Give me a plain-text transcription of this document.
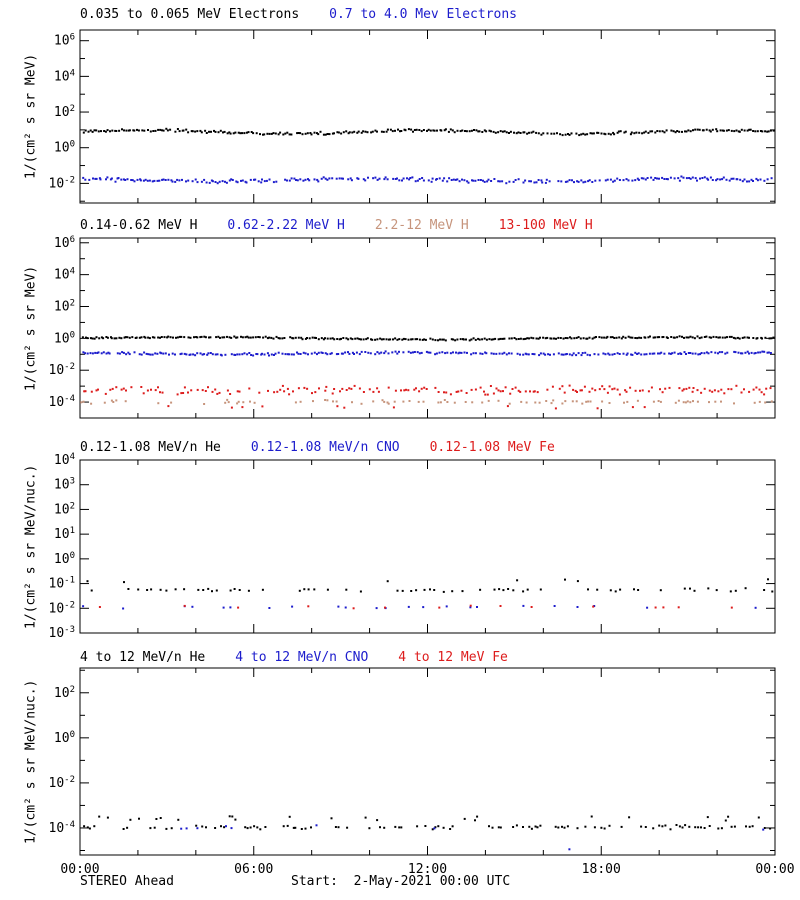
$10^{-2}$
$10^0$
$10^2$
$10^4$
$10^6$
$10^{-4}$
$10^{-2}$
$10^0$
$10^2$
$10^4$
$10^6$
$10^{-3}$
$10^{-2}$
$10^{-1}$
$10^0$
$10^1$
$10^2$
$10^3$
$10^4$
$10^{-4}$
$10^{-2}$
$10^0$
$10^2$
00:00	06:00	12:00	18:00	00:00
0.035 to 0.065 MeV Electrons 0.7 to 4.0 Mev Electrons
0.14-0.62 MeV H 0.62-2.22 MeV H 2.2-12 MeV H 13-100 MeV H
0.12-1.08 MeV/n He 0.12-1.08 MeV/n CNO 0.12-1.08 MeV Fe
4 to 12 MeV/n He 4 to 12 MeV/n CNO 4 to 12 MeV Fe
1/(cm² s sr MeV)
1/(cm² s sr MeV)
1/(cm² s sr MeV/nuc.)
1/(cm² s sr MeV/nuc.)
STEREO Ahead	Start:  2-May-2021 00:00 UTC
